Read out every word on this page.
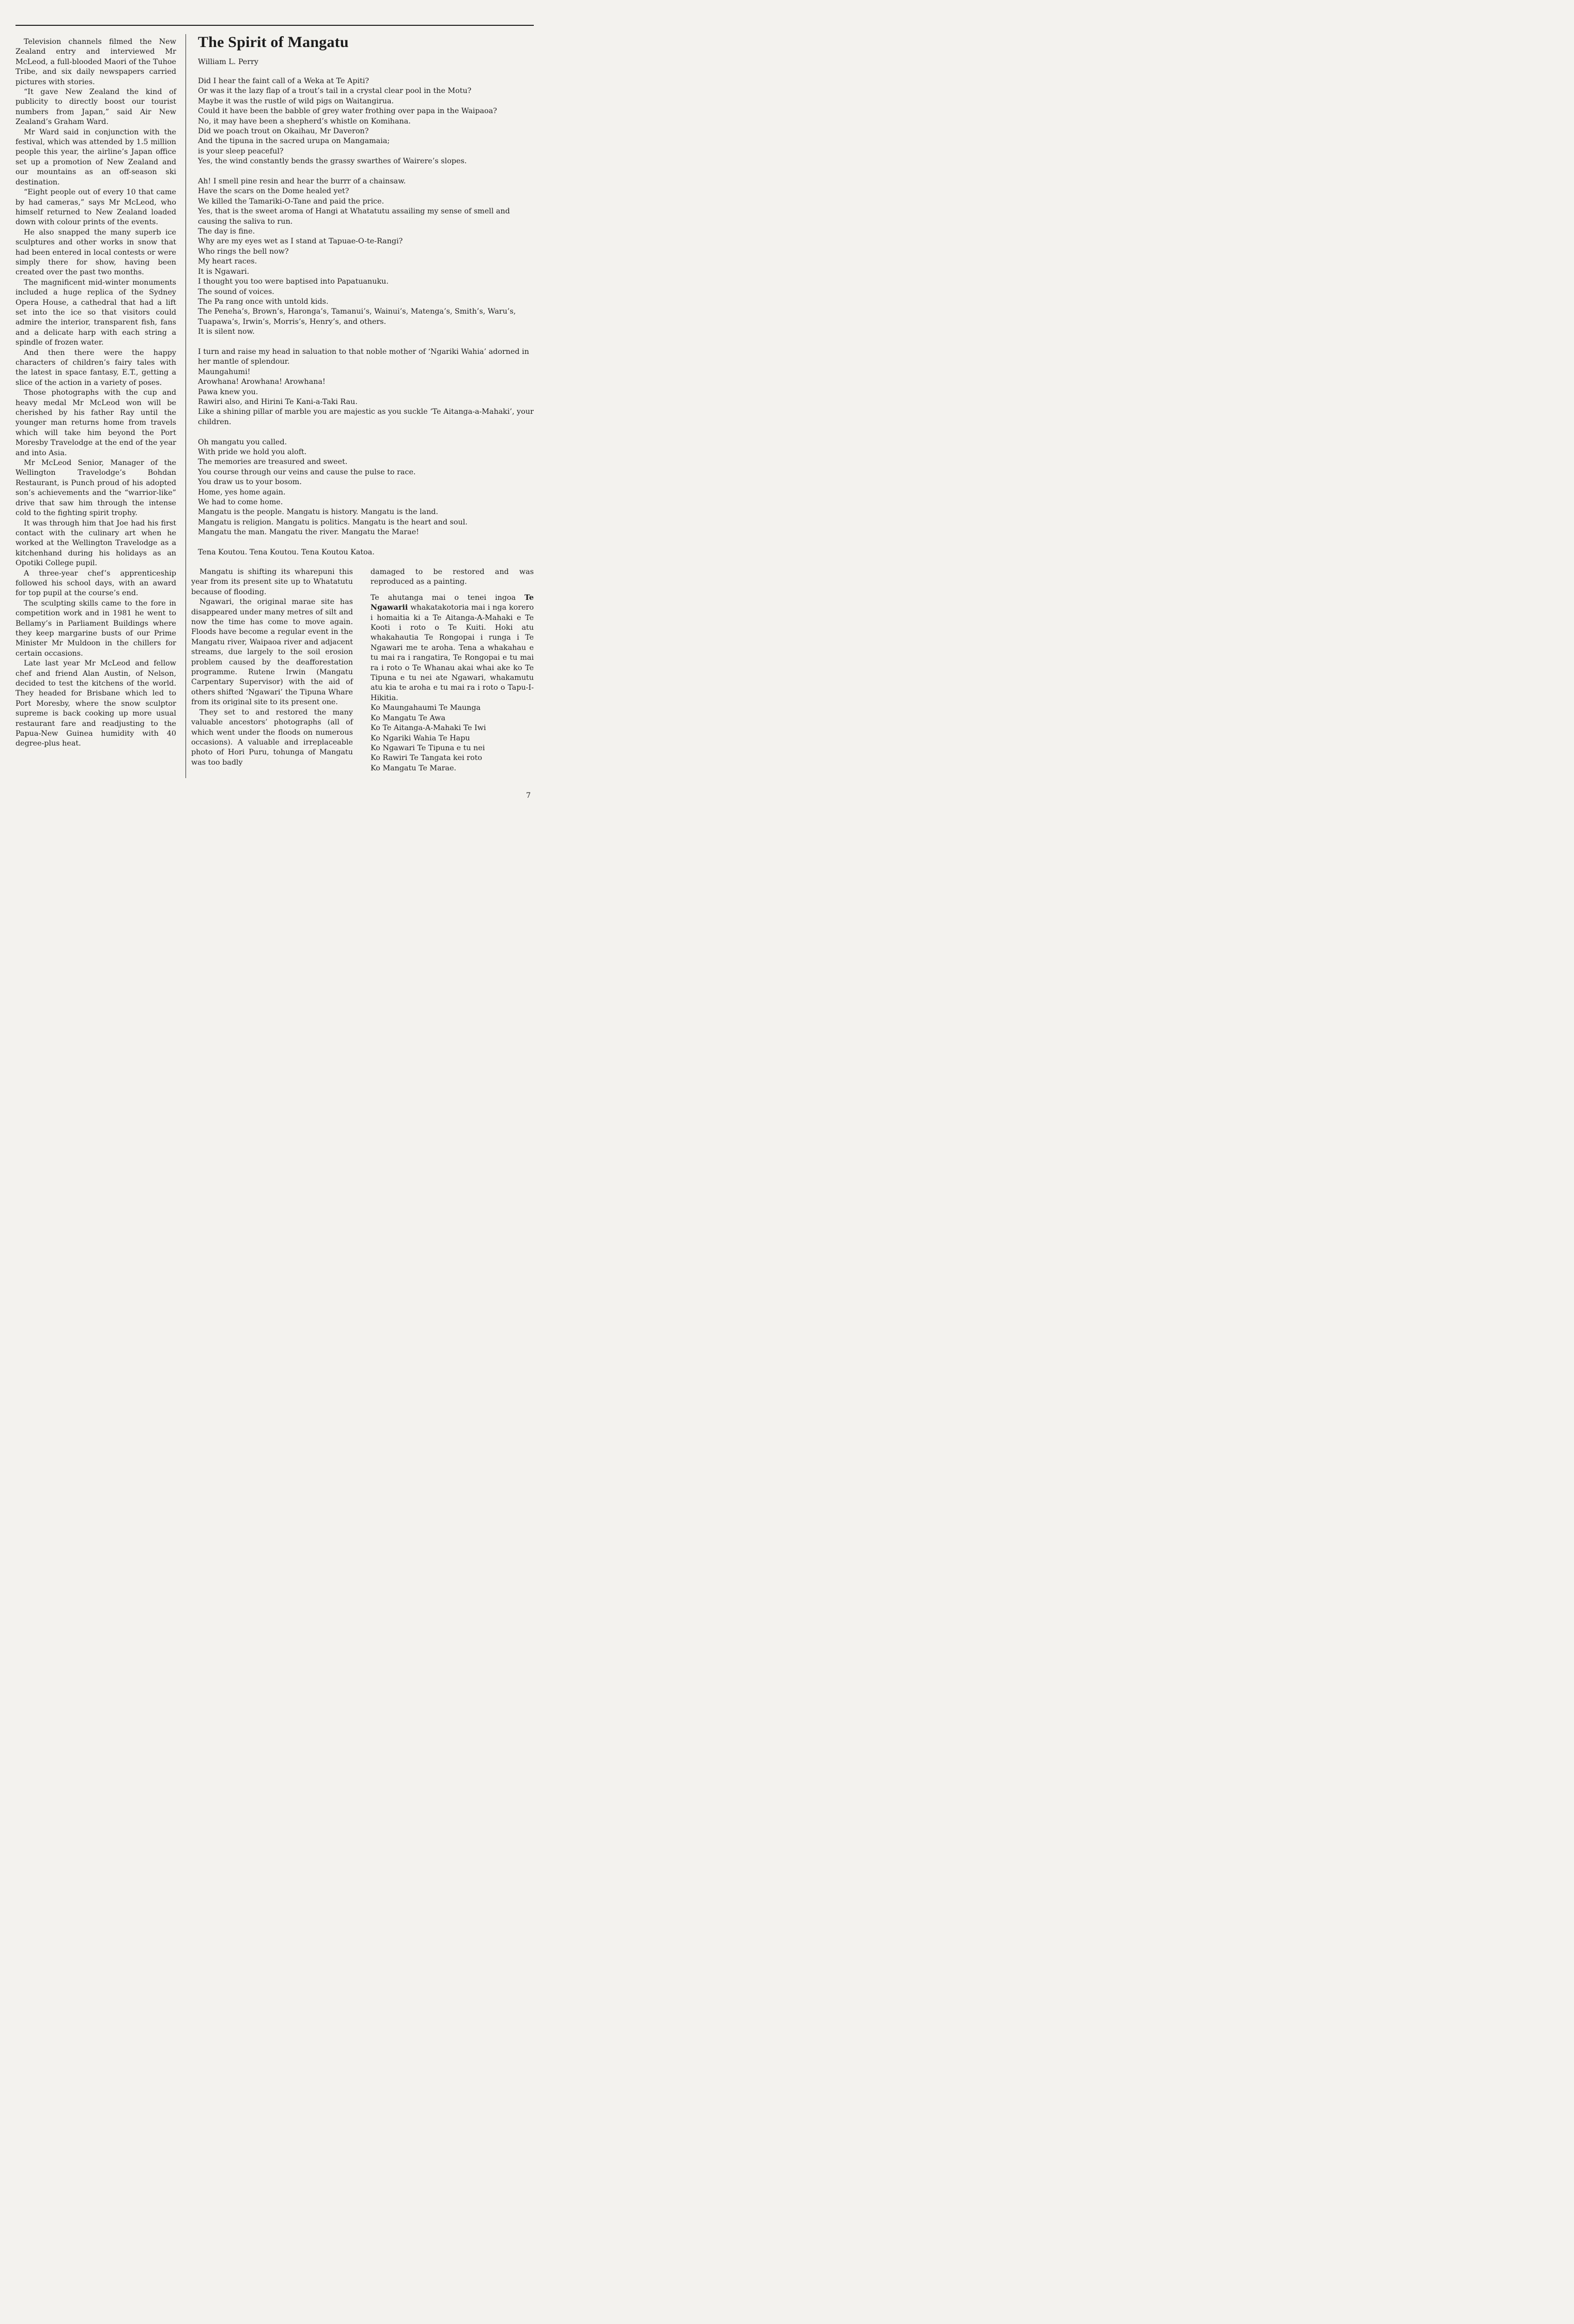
Television channels filmed the New Zealand entry and interviewed Mr McLeod, a full-blooded Maori of the Tuhoe Tribe, and six daily newspapers carried pictures with stories.

“It gave New Zealand the kind of publicity to directly boost our tourist numbers from Japan,” said Air New Zealand’s Graham Ward.

Mr Ward said in conjunction with the festival, which was attended by 1.5 million people this year, the airline’s Japan office set up a promotion of New Zealand and our mountains as an off-season ski destination.

“Eight people out of every 10 that came by had cameras,” says Mr McLeod, who himself returned to New Zealand loaded down with colour prints of the events.

He also snapped the many superb ice sculptures and other works in snow that had been entered in local contests or were simply there for show, having been created over the past two months.

The magnificent mid-winter monuments included a huge replica of the Sydney Opera House, a cathedral that had a lift set into the ice so that visitors could admire the interior, transparent fish, fans and a delicate harp with each string a spindle of frozen water.

And then there were the happy characters of children’s fairy tales with the latest in space fantasy, E.T., getting a slice of the action in a variety of poses.

Those photographs with the cup and heavy medal Mr McLeod won will be cherished by his father Ray until the younger man returns home from travels which will take him beyond the Port Moresby Travelodge at the end of the year and into Asia.

Mr McLeod Senior, Manager of the Wellington Travelodge’s Bohdan Restaurant, is Punch proud of his adopted son’s achievements and the “warrior-like” drive that saw him through the intense cold to the fighting spirit trophy.

It was through him that Joe had his first contact with the culinary art when he worked at the Wellington Travelodge as a kitchenhand during his holidays as an Opotiki College pupil.

A three-year chef’s apprenticeship followed his school days, with an award for top pupil at the course’s end.

The sculpting skills came to the fore in competition work and in 1981 he went to Bellamy’s in Parliament Buildings where they keep margarine busts of our Prime Minister Mr Muldoon in the chillers for certain occasions.

Late last year Mr McLeod and fellow chef and friend Alan Austin, of Nelson, decided to test the kitchens of the world. They headed for Brisbane which led to Port Moresby, where the snow sculptor supreme is back cooking up more usual restaurant fare and readjusting to the Papua-New Guinea humidity with 40 degree-plus heat.

The Spirit of Mangatu
William L. Perry
Did I hear the faint call of a Weka at Te Apiti?
Or was it the lazy flap of a trout’s tail in a crystal clear pool in the Motu?
Maybe it was the rustle of wild pigs on Waitangirua.
Could it have been the babble of grey water frothing over papa in the Waipaoa?
No, it may have been a shepherd’s whistle on Komihana.
Did we poach trout on Okaihau, Mr Daveron?
And the tipuna in the sacred urupa on Mangamaia;
is your sleep peaceful?
Yes, the wind constantly bends the grassy swarthes of Wairere’s slopes.
Ah! I smell pine resin and hear the burrr of a chainsaw.
Have the scars on the Dome healed yet?
We killed the Tamariki-O-Tane and paid the price.
Yes, that is the sweet aroma of Hangi at Whatatutu assailing my sense of smell and causing the saliva to run.
The day is fine.
Why are my eyes wet as I stand at Tapuae-O-te-Rangi?
Who rings the bell now?
My heart races.
It is Ngawari.
I thought you too were baptised into Papatuanuku.
The sound of voices.
The Pa rang once with untold kids.
The Peneha’s, Brown’s, Haronga’s, Tamanui’s, Wainui’s, Matenga’s, Smith’s, Waru’s, Tuapawa’s, Irwin’s, Morris’s, Henry’s, and others.
It is silent now.
I turn and raise my head in saluation to that noble mother of ‘Ngariki Wahia’ adorned in her mantle of splendour.
Maungahumi!
Arowhana! Arowhana! Arowhana!
Pawa knew you.
Rawiri also, and Hirini Te Kani-a-Taki Rau.
Like a shining pillar of marble you are majestic as you suckle ‘Te Aitanga-a-Mahaki’, your children.
Oh mangatu you called.
With pride we hold you aloft.
The memories are treasured and sweet.
You course through our veins and cause the pulse to race.
You draw us to your bosom.
Home, yes home again.
We had to come home.
Mangatu is the people. Mangatu is history. Mangatu is the land.
Mangatu is religion. Mangatu is politics. Mangatu is the heart and soul.
Mangatu the man. Mangatu the river. Mangatu the Marae!
Tena Koutou. Tena Koutou. Tena Koutou Katoa.

Mangatu is shifting its wharepuni this year from its present site up to Whatatutu because of flooding.

Ngawari, the original marae site has disappeared under many metres of silt and now the time has come to move again. Floods have become a regular event in the Mangatu river, Waipaoa river and adjacent streams, due largely to the soil erosion problem caused by the deafforestation programme. Rutene Irwin (Mangatu Carpentary Supervisor) with the aid of others shifted ‘Ngawari’ the Tipuna Whare from its original site to its present one.

They set to and restored the many valuable ancestors’ photographs (all of which went under the floods on numerous occasions). A valuable and irreplaceable photo of Hori Puru, tohunga of Mangatu was too badly

damaged to be restored and was reproduced as a painting.

Te ahutanga mai o tenei ingoa Te Ngawarii whakatakotoria mai i nga korero i homaitia ki a Te Aitanga-A-Mahaki e Te Kooti i roto o Te Kuiti. Hoki atu whakahautia Te Rongopai i runga i Te Ngawari me te aroha. Tena a whakahau e tu mai ra i rangatira, Te Rongopai e tu mai ra i roto o Te Whanau akai whai ake ko Te Tipuna e tu nei ate Ngawari, whakamutu atu kia te aroha e tu mai ra i roto o Tapu-I-Hikitia.

Ko Maungahaumi Te Maunga
Ko Mangatu Te Awa
Ko Te Aitanga-A-Mahaki Te Iwi
Ko Ngariki Wahia Te Hapu
Ko Ngawari Te Tipuna e tu nei
Ko Rawiri Te Tangata kei roto
Ko Mangatu Te Marae.
7
